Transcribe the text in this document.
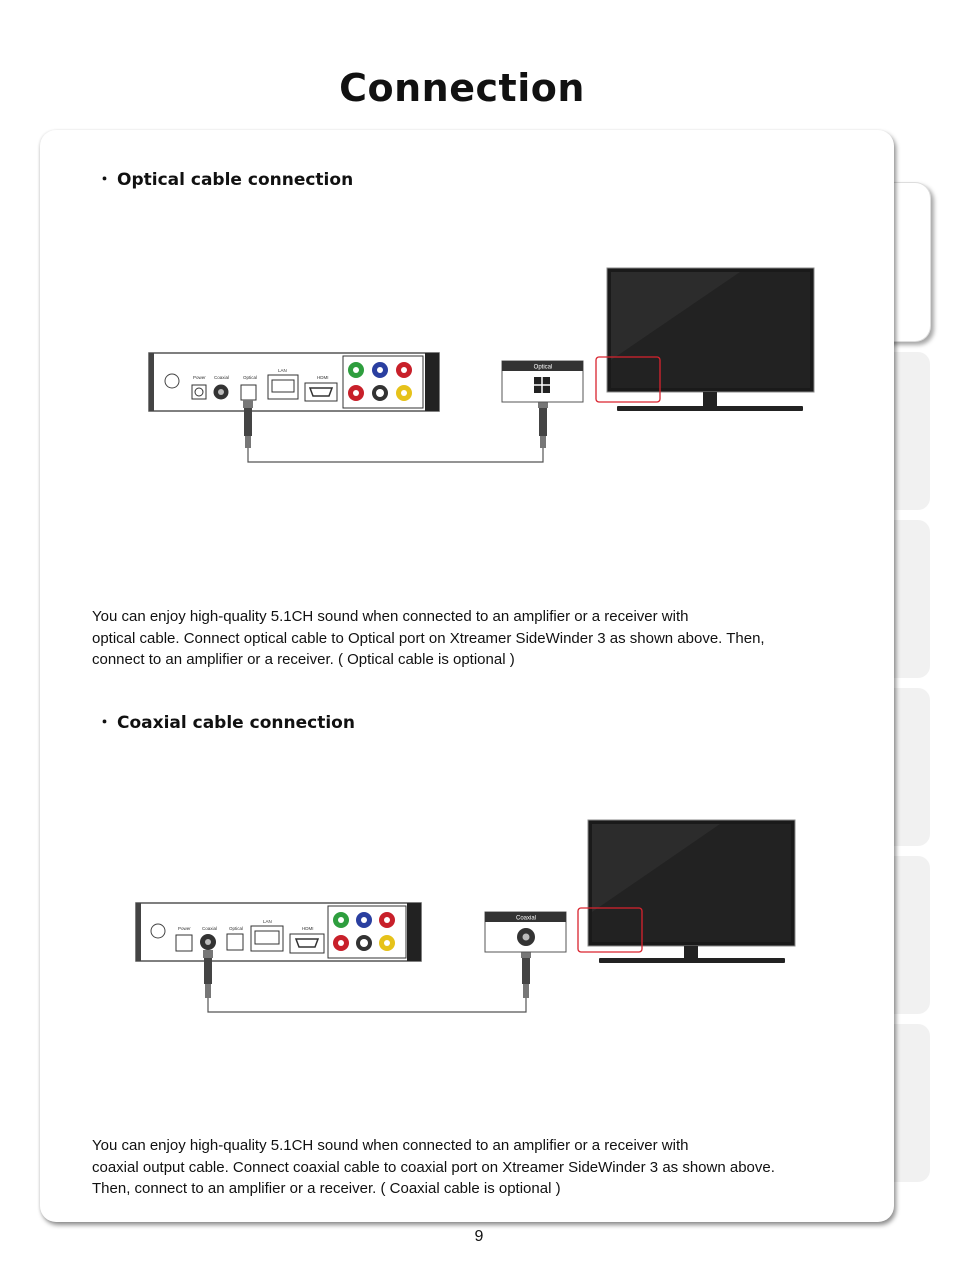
Connection
・ Optical cable connection
Power Coaxial	Optical
LAN
HDMI
Optical
You can enjoy high-quality 5.1CH sound when connected to an amplifier or a receiver with
optical cable. Connect optical cable to Optical port on Xtreamer SideWinder 3 as shown above. Then,
connect to an amplifier or a receiver. ( Optical cable is optional )
・ Coaxial cable connection
Power Coaxial	Optical
LAN
HDMI
Coaxial
You can enjoy high-quality 5.1CH sound when connected to an amplifier or a receiver with
coaxial output cable. Connect coaxial cable to coaxial port on Xtreamer SideWinder 3 as shown above.
Then, connect to an amplifier or a receiver. ( Coaxial cable is optional )
9
